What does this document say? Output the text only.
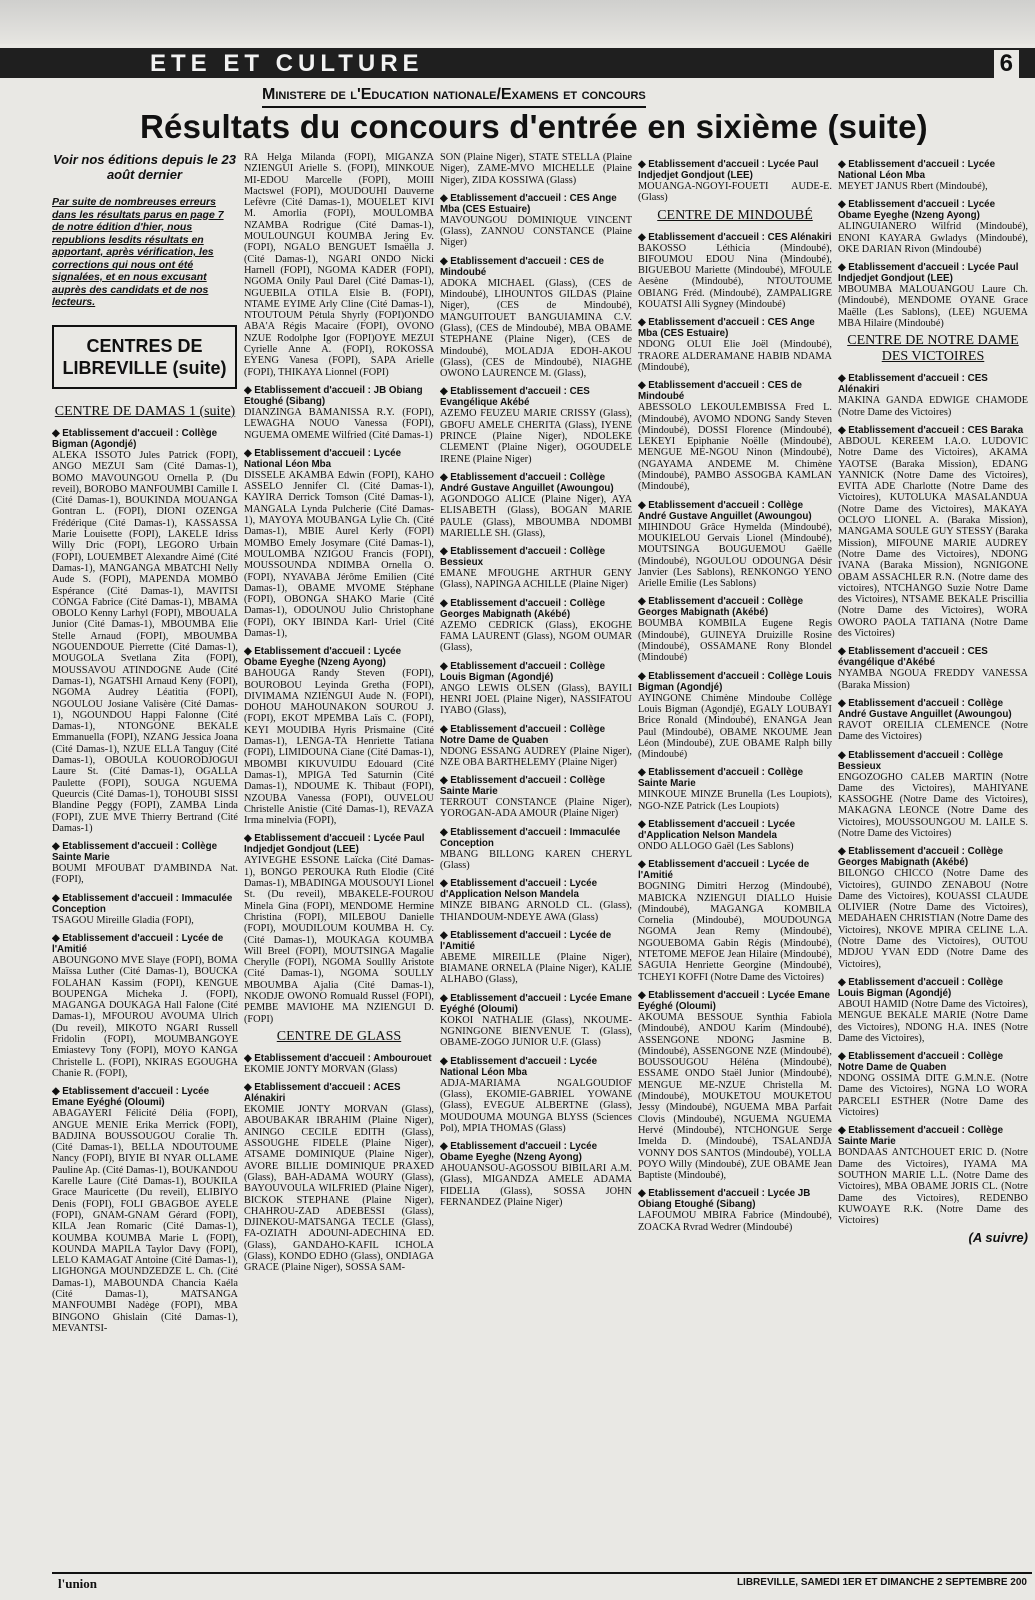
ETE ET CULTURE	6
Ministere de l'Education nationale/Examens et concours
Résultats du concours d'entrée en sixième (suite)
Voir nos éditions depuis le 23 août dernier
Par suite de nombreuses erreurs dans les résultats parus en page 7 de notre édition d'hier, nous republions lesdits résultats en apportant, après vérification, les corrections qui nous ont été signalées, et en nous excusant auprès des candidats et de nos lecteurs.
CENTRES DE
LIBREVILLE (suite)
CENTRE DE DAMAS 1 (suite)
◆ Etablissement d'accueil : Collège Bigman (Agondjé)
ALEKA ISSOTO Jules Patrick (FOPI), ANGO MEZUI Sam (Cité Damas-1), BOMO MAVOUNGOU Ornella P. (Du reveil), BOROBO MANFOUMBI Camille I. (Cité Damas-1), BOUKINDA MOUANGA Gontran L. (FOPI), DIONI OZENGA Frédérique (Cité Damas-1), KASSASSA Marie Louisette (FOPI), LAKELE Idriss Willy Dric (FOPI), LEGORO Urbain (FOPI), LOUEMBET Alexandre Aimé (Cité Damas-1), MANGANGA MBATCHI Nelly Aude S. (FOPI), MAPENDA MOMBO Espérance (Cité Damas-1), MAVITSI CONGA Fabrice (Cité Damas-1), MBAMA OBOLO Kenny Larhyl (FOPI), MBOUALA Junior (Cité Damas-1), MBOUMBA Elie Stelle Arnaud (FOPI), MBOUMBA NGOUENDOUE Pierrette (Cité Damas-1), MOUGOLA Svetlana Zita (FOPI), MOUSSAVOU ATINDOGNE Aude (Cité Damas-1), NGATSHI Arnaud Keny (FOPI), NGOMA Audrey Léatitia (FOPI), NGOULOU Josiane Valisère (Cité Damas-1), NGOUNDOU Happi Falonne (Cité Damas-1), NTONGONE BEKALE Emmanuella (FOPI), NZANG Jessica Joana (Cité Damas-1), NZUE ELLA Tanguy (Cité Damas-1), OBOULA KOUORODJOGUI Laure St. (Cité Damas-1), OGALLA Paulette (FOPI), SOUGA NGUEMA Queurcis (Cité Damas-1), TOHOUBI SISSI Blandine Peggy (FOPI), ZAMBA Linda (FOPI), ZUE MVE Thierry Bertrand (Cité Damas-1)
◆ Etablissement d'accueil : Collège Sainte Marie
BOUMI MFOUBAT D'AMBINDA Nat. (FOPI),
◆ Etablissement d'accueil : Immaculée Conception
TSAGOU Mireille Gladia (FOPI),
◆ Etablissement d'accueil : Lycée de l'Amitié
ABOUNGONO MVE Slaye (FOPI), BOMA Maïssa Luther (Cité Damas-1), BOUCKA FOLAHAN Kassim (FOPI), KENGUE BOUPENGA Micheka J. (FOPI), MAGANGA DOUKAGA Hall Falone (Cité Damas-1), MFOUROU AVOUMA Ulrich (Du reveil), MIKOTO NGARI Russell Fridolin (FOPI), MOUMBANGOYE Emiastevy Tony (FOPI), MOYO KANGA Christelle L. (FOPI), NKIRAS EGOUGHA Chanie R. (FOPI),
◆ Etablissement d'accueil : Lycée Emane Eyéghé (Oloumi)
ABAGAYERI Félicité Délia (FOPI), ANGUE MENIE Erika Merrick (FOPI), BADJINA BOUSSOUGOU Coralie Th. (Cité Damas-1), BELLA NDOUTOUME Nancy (FOPI), BIYIE BI NYAR OLLAME Pauline Ap. (Cité Damas-1), BOUKANDOU Karelle Laure (Cité Damas-1), BOUKILA Grace Mauricette (Du reveil), ELIBIYO Denis (FOPI), FOLI GBAGBOE AYELE (FOPI), GNAM-GNAM Gérard (FOPI), KILA Jean Romaric (Cité Damas-1), KOUMBA KOUMBA Marie L (FOPI), KOUNDA MAPILA Taylor Davy (FOPI), LELO KAMAGAT Antoine (Cité Damas-1), LIGHONGA MOUNDZEDZE L. Ch. (Cité Damas-1), MABOUNDA Chancia Kaéla (Cité Damas-1), MATSANGA MANFOUMBI Nadège (FOPI), MBA BINGONO Ghislain (Cité Damas-1), MEVANTSI-
RA Helga Milanda (FOPI), MIGANZA NZIENGUI Arielle S. (FOPI), MINKOUE MI-EDOU Marcelle (FOPI), MOIII Mactswel (FOPI), MOUDOUHI Dauverne Lefèvre (Cité Damas-1), MOUELET KIVI M. Amorlia (FOPI), MOULOMBA NZAMBA Rodrigue (Cité Damas-1), MOULOUNGUI KOUMBA Jering Ev. (FOPI), NGALO BENGUET Ismaëlla J. (Cité Damas-1), NGARI ONDO Nicki Harnell (FOPI), NGOMA KADER (FOPI), NGOMA Onily Paul Darel (Cité Damas-1), NGUEBILA OTILA Elsie B. (FOPI), NTAME EYIME Arly Cline (Cité Damas-1), NTOUTOUM Pétula Shyrly (FOPI)ONDO ABA'A Régis Macaire (FOPI), OVONO NZUE Rodolphe Igor (FOPI)OYE MEZUI Cyrielle Anne A. (FOPI), ROKOSSA EYENG Vanesa (FOPI), SAPA Arielle (FOPI), THIKAYA Lionnel (FOPI)
◆ Etablissement d'accueil : JB Obiang Etoughé (Sibang)
DIANZINGA BAMANISSA R.Y. (FOPI), LEWAGHA NOUO Vanessa (FOPI), NGUEMA OMEME Wilfried (Cité Damas-1)
◆ Etablissement d'accueil : Lycée National Léon Mba
DISSELE AKAMBA Edwin (FOPI), KAHO ASSELO Jennifer Cl. (Cité Damas-1), KAYIRA Derrick Tomson (Cité Damas-1), MANGALA Lynda Pulcherie (Cité Damas-1), MAYOYA MOUBANGA Lylie Ch. (Cité Damas-1), MBIE Aurel Kerly (FOPI) MOMBO Emely Josymare (Cité Damas-1), MOULOMBA NZIGOU Francis (FOPI), MOUSSOUNDA NDIMBA Ornella O. (FOPI), NYAVABA Jérôme Emilien (Cité Damas-1), OBAME MVOME Stéphane (FOPI), OBONGA SHAKO Marie (Cité Damas-1), ODOUNOU Julio Christophane (FOPI), OKY IBINDA Karl- Uriel (Cité Damas-1),
◆ Etablissement d'accueil : Lycée Obame Eyeghe (Nzeng Ayong)
BAHOUGA Randy Steven (FOPI), BOUROBOU Leyinda Gretha (FOPI), DIVIMAMA NZIENGUI Aude N. (FOPI), DOHOU MAHOUNAKON SOUROU J. (FOPI), EKOT MPEMBA Laïs C. (FOPI), KEYI MOUDIBA Hyris Prismaine (Cité Damas-1), LENGA-TA Henriette Tatiana (FOPI), LIMIDOUNA Ciane (Cité Damas-1), MBOMBI KIKUVUIDU Edouard (Cité Damas-1), MPIGA Ted Saturnin (Cité Damas-1), NDOUME K. Thibaut (FOPI), NZOUBA Vanessa (FOPI), OUVELOU Christelle Anistie (Cité Damas-1), REVAZA Irma minelvia (FOPI),
◆ Etablissement d'accueil : Lycée Paul Indjedjet Gondjout (LEE)
AYIVEGHE ESSONE Laïcka (Cité Damas-1), BONGO PEROUKA Ruth Elodie (Cité Damas-1), MBADINGA MOUSOUYI Lionel St. (Du reveil), MBAKELE-FOUROU Minela Gina (FOPI), MENDOME Hermine Christina (FOPI), MILEBOU Danielle (FOPI), MOUDILOUM KOUMBA H. Cy. (Cité Damas-1), MOUKAGA KOUMBA Will Breel (FOPI), MOUTSINGA Magalie Cherylle (FOPI), NGOMA Soullly Aristote (Cité Damas-1), NGOMA SOULLY MBOUMBA Ajalia (Cité Damas-1), NKODJE OWONO Romuald Russel (FOPI), PEMBE MAVIOHE MA NZIENGUI D. (FOPI)
CENTRE DE GLASS
◆ Etablissement d'accueil : Ambourouet
EKOMIE JONTY MORVAN (Glass)
◆ Etablissement d'accueil : ACES Alénakiri
EKOMIE JONTY MORVAN (Glass), ABOUBAKAR IBRAHIM (Plaine Niger), ANINGO CECILE EDITH (Glass), ASSOUGHE FIDELE (Plaine Niger), ATSAME DOMINIQUE (Plaine Niger), AVORE BILLIE DOMINIQUE PRAXED (Glass), BAH-ADAMA WOURY (Glass), BAYOUVOULA WILFRIED (Plaine Niger), BICKOK STEPHANE (Plaine Niger), CHAHROU-ZAD ADEBESSI (Glass), DJINEKOU-MATSANGA TECLE (Glass), FA-OZIATH ADOUNI-ADECHINA ED. (Glass), GANDAHO-KAFIL ICHOLA (Glass), KONDO EDHO (Glass), ONDIAGA GRACE (Plaine Niger), SOSSA SAM-
SON (Plaine Niger), STATE STELLA (Plaine Niger), ZAME-MVO MICHELLE (Plaine Niger), ZIDA KOSSIWA (Glass)
◆ Etablissement d'accueil : CES Ange Mba (CES Estuaire)
MAVOUNGOU DOMINIQUE VINCENT (Glass), ZANNOU CONSTANCE (Plaine Niger)
◆ Etablissement d'accueil : CES de Mindoubé
ADOKA MICHAEL (Glass), (CES de Mindoubé), LIHOUNTOS GILDAS (Plaine Niger), (CES de Mindoubé), MANGUITOUET BANGUIAMINA C.V. (Glass), (CES de Mindoubé), MBA OBAME STEPHANE (Plaine Niger), (CES de Mindoubé), MOLADJA EDOH-AKOU (Glass), (CES de Mindoubé), NIAGHE OWONO LAURENCE M. (Glass),
◆ Etablissement d'accueil : CES Evangélique Akébé
AZEMO FEUZEU MARIE CRISSY (Glass), GBOFU AMELE CHERITA (Glass), IYENE PRINCE (Plaine Niger), NDOLEKE CLEMENT (Plaine Niger), OGOUDELE IRENE (Plaine Niger)
◆ Etablissement d'accueil : Collège André Gustave Anguillet (Awoungou)
AGONDOGO ALICE (Plaine Niger), AYA ELISABETH (Glass), BOGAN MARIE PAULE (Glass), MBOUMBA NDOMBI MARIELLE SH. (Glass),
◆ Etablissement d'accueil : Collège Bessieux
EMANE MFOUGHE ARTHUR GENY (Glass), NAPINGA ACHILLE (Plaine Niger)
◆ Etablissement d'accueil : Collège Georges Mabignath (Akébé)
AZEMO CEDRICK (Glass), EKOGHE FAMA LAURENT (Glass), NGOM OUMAR (Glass),
◆ Etablissement d'accueil : Collège Louis Bigman (Agondjé)
ANGO LEWIS OLSEN (Glass), BAYILI HENRI JOEL (Plaine Niger), NASSIFATOU IYABO (Glass),
◆ Etablissement d'accueil : Collège Notre Dame de Quaben
NDONG ESSANG AUDREY (Plaine Niger), NZE OBA BARTHELEMY (Plaine Niger)
◆ Etablissement d'accueil : Collège Sainte Marie
TERROUT CONSTANCE (Plaine Niger), YOROGAN-ADA AMOUR (Plaine Niger)
◆ Etablissement d'accueil : Immaculée Conception
MBANG BILLONG KAREN CHERYL (Glass)
◆ Etablissement d'accueil : Lycée d'Application Nelson Mandela
MINZE BIBANG ARNOLD CL. (Glass), THIANDOUM-NDEYE AWA (Glass)
◆ Etablissement d'accueil : Lycée de l'Amitié
ABEME MIREILLE (Plaine Niger), BIAMANE ORNELA (Plaine Niger), KALIE ALHABO (Glass),
◆ Etablissement d'accueil : Lycée Emane Eyéghé (Oloumi)
KOKOI NATHALIE (Glass), NKOUME-NGNINGONE BIENVENUE T. (Glass), OBAME-ZOGO JUNIOR U.F. (Glass)
◆ Etablissement d'accueil : Lycée National Léon Mba
ADJA-MARIAMA NGALGOUDIOF (Glass), EKOMIE-GABRIEL YOWANE (Glass), EVEGUE ALBERTNE (Glass), MOUDOUMA MOUNGA BLYSS (Sciences Pol), MPIA THOMAS (Glass)
◆ Etablissement d'accueil : Lycée Obame Eyeghe (Nzeng Ayong)
AHOUANSOU-AGOSSOU BIBILARI A.M. (Glass), MIGANDZA AMELE ADAMA FIDELIA (Glass), SOSSA JOHN FERNANDEZ (Plaine Niger)
◆ Etablissement d'accueil : Lycée Paul Indjedjet Gondjout (LEE)
MOUANGA-NGOYI-FOUETI AUDE-E. (Glass)
CENTRE DE MINDOUBÉ
◆ Etablissement d'accueil : CES Alénakiri
BAKOSSO Léthicia (Mindoubé), BIFOUMOU EDOU Nina (Mindoubé), BIGUEBOU Mariette (Mindoubé), MFOULE Aesène (Mindoubé), NTOUTOUME OBIANG Fréd. (Mindoubé), ZAMPALIGRE KOUATSI Alli Sygney (Mindoubé)
◆ Etablissement d'accueil : CES Ange Mba (CES Estuaire)
NDONG OLUI Elie Joël (Mindoubé), TRAORE ALDERAMANE HABIB NDAMA (Mindoubé),
◆ Etablissement d'accueil : CES de Mindoubé
ABESSOLO LEKOULEMBISSA Fred L. (Mindoubé), AVOMO NDONG Sandy Steven (Mindoubé), DOSSI Florence (Mindoubé), LEKEYI Epiphanie Noëlle (Mindoubé), MENGUE ME-NGOU Ninon (Mindoubé), (NGAYAMA ANDEME M. Chimène (Mindoubé), PAMBO ASSOGBA KAMLAN (Mindoubé),
◆ Etablissement d'accueil : Collège André Gustave Anguillet (Awoungou)
MIHINDOU Grâce Hymelda (Mindoubé), MOUKIELOU Gervais Lionel (Mindoubé), MOUTSINGA BOUGUEMOU Gaëlle (Mindoubé), NGOULOU ODOUNGA Désir Janvier (Les Sablons), RENKONGO YENO Arielle Emilie (Les Sablons)
◆ Etablissement d'accueil : Collège Georges Mabignath (Akébé)
BOUMBA KOMBILA Eugene Regis (Mindoubé), GUINEYA Druizille Rosine (Mindoubé), OSSAMANE Rony Blondel (Mindoubé)
◆ Etablissement d'accueil : Collège Louis Bigman (Agondjé)
AYINGONE Chimène Mindoube Collège Louis Bigman (Agondjé), EGALY LOUBAYI Brice Ronald (Mindoubé), ENANGA Jean Paul (Mindoubé), OBAME NKOUME Jean Léon (Mindoubé), ZUE OBAME Ralph billy (Mindoubé)
◆ Etablissement d'accueil : Collège Sainte Marie
MINKOUE MINZE Brunella (Les Loupiots), NGO-NZE Patrick (Les Loupiots)
◆ Etablissement d'accueil : Lycée d'Application Nelson Mandela
ONDO ALLOGO Gaël (Les Sablons)
◆ Etablissement d'accueil : Lycée de l'Amitié
BOGNING Dimitri Herzog (Mindoubé), MABICKA NZIENGUI DIALLO Huisie (Mindoubé), MAGANGA KOMBILA Cornelia (Mindoubé), MOUDOUNGA NGOMA Jean Remy (Mindoubé), NGOUEBOMA Gabin Régis (Mindoubé), NTETOME MEFOE Jean Hilaire (Mindoubé), SAGUIA Henriette Georgine (Mindoubé), TCHEYI KOFFI (Notre Dame des Victoires)
◆ Etablissement d'accueil : Lycée Emane Eyéghé (Oloumi)
AKOUMA BESSOUE Synthia Fabiola (Mindoubé), ANDOU Karim (Mindoubé), ASSENGONE NDONG Jasmine B. (Mindoubé), ASSENGONE NZE (Mindoubé), BOUSSOUGOU Héléna (Mindoubé), ESSAME ONDO Staël Junior (Mindoubé), MENGUE ME-NZUE Christella M. (Mindoubé), MOUKETOU MOUKETOU Jessy (Mindoubé), NGUEMA MBA Parfait Clovis (Mindoubé), NGUEMA NGUEMA Hervé (Mindoubé), NTCHONGUE Serge Imelda D. (Mindoubé), TSALANDJA VONNY DOS SANTOS (Mindoubé), YOLLA POYO Willy (Mindoubé), ZUE OBAME Jean Baptiste (Mindoubé),
◆ Etablissement d'accueil : Lycée JB Obiang Etoughé (Sibang)
LAFOUMOU MBIRA Fabrice (Mindoubé), ZOACKA Rvrad Wedrer (Mindoubé)
◆ Etablissement d'accueil : Lycée National Léon Mba
MEYET JANUS Rbert (Mindoubé),
◆ Etablissement d'accueil : Lycée Obame Eyeghe (Nzeng Ayong)
ALINGUIANERO Wilfrid (Mindoubé), ENONI KAYARA Gwladys (Mindoubé), OKE DARIAN Rivon (Mindoubé)
◆ Etablissement d'accueil : Lycée Paul Indjedjet Gondjout (LEE)
MBOUMBA MALOUANGOU Laure Ch. (Mindoubé), MENDOME OYANE Grace Maëlle (Les Sablons), (LEE) NGUEMA MBA Hilaire (Mindoubé)
CENTRE DE NOTRE DAME DES VICTOIRES
◆ Etablissement d'accueil : CES Alénakiri
MAKINA GANDA EDWIGE CHAMODE (Notre Dame des Victoires)
◆ Etablissement d'accueil : CES Baraka
ABDOUL KEREEM I.A.O. LUDOVIC Notre Dame des Victoires), AKAMA YAOTSE (Baraka Mission), EDANG YANNICK (Notre Dame des Victoires), EVITA ADE Charlotte (Notre Dame des Victoires), KUTOLUKA MASALANDUA (Notre Dame des Victoires), MAKAYA OCLO'O LIONEL A. (Baraka Mission), MANGAMA SOULE GUY STESSY (Baraka Mission), MIFOUNE MARIE AUDREY (Notre Dame des Victoires), NDONG IVANA (Baraka Mission), NGNIGONE OBAM ASSACHLER R.N. (Notre dame des victoires), NTCHANGO Suzie Notre Dame des Victoires), NTSAME BEKALE Priscillia (Notre Dame des Victoires), WORA OWORO PAOLA TATIANA (Notre Dame des Victoires)
◆ Etablissement d'accueil : CES évangélique d'Akébé
NYAMBA NGOUA FREDDY VANESSA (Baraka Mission)
◆ Etablissement d'accueil : Collège André Gustave Anguillet (Awoungou)
RAVOT OREILIA CLEMENCE (Notre Dame des Victoires)
◆ Etablissement d'accueil : Collège Bessieux
ENGOZOGHO CALEB MARTIN (Notre Dame des Victoires), MAHIYANE KASSOGHE (Notre Dame des Victoires), MAKAGNA LEONCE (Notre Dame des Victoires), MOUSSOUNGOU M. LAILE S. (Notre Dame des Victoires)
◆ Etablissement d'accueil : Collège Georges Mabignath (Akébé)
BILONGO CHICCO (Notre Dame des Victoires), GUINDO ZENABOU (Notre Dame des Victoires), KOUASSI CLAUDE OLIVIER (Notre Dame des Victoires), MEDAHAEN CHRISTIAN (Notre Dame des Victoires), NKOVE MPIRA CELINE L.A. (Notre Dame des Victoires), OUTOU MDJOU YVAN EDD (Notre Dame des Victoires),
◆ Etablissement d'accueil : Collège Louis Bigman (Agondjé)
ABOUI HAMID (Notre Dame des Victoires), MENGUE BEKALE MARIE (Notre Dame des Victoires), NDONG H.A. INES (Notre Dame des Victoires),
◆ Etablissement d'accueil : Collège Notre Dame de Quaben
NDONG OSSIMA DITE G.M.N.E. (Notre Dame des Victoires), NGNA LO WORA PARCELI ESTHER (Notre Dame des Victoires)
◆ Etablissement d'accueil : Collège Sainte Marie
BONDAAS ANTCHOUET ERIC D. (Notre Dame des Victoires), IYAMA MA SOUTHON MARIE L.L. (Notre Dame des Victoires), MBA OBAME JORIS CL. (Notre Dame des Victoires), REDENBO KUWOAYE R.K. (Notre Dame des Victoires)
(A suivre)
l'union	LIBREVILLE, SAMEDI 1ER ET DIMANCHE 2 SEPTEMBRE 200
